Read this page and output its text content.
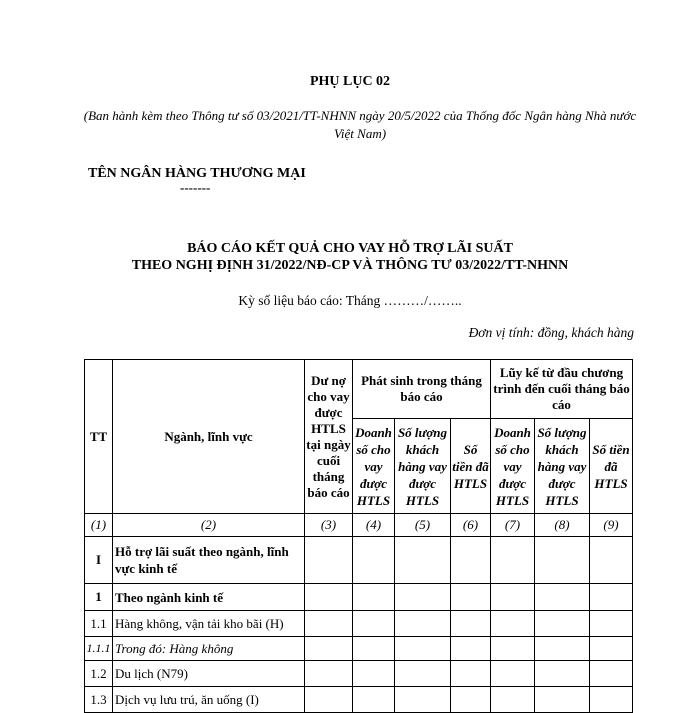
PHỤ LỤC 02
(Ban hành kèm theo Thông tư số 03/2021/TT-NHNN ngày 20/5/2022 của Thống đốc Ngân hàng Nhà nước Việt Nam)
TÊN NGÂN HÀNG THƯƠNG MẠI
-------
BÁO CÁO KẾT QUẢ CHO VAY HỖ TRỢ LÃI SUẤT
THEO NGHỊ ĐỊNH 31/2022/NĐ-CP VÀ THÔNG TƯ 03/2022/TT-NHNN
Kỳ số liệu báo cáo: Tháng ………/……..
Đơn vị tính: đồng, khách hàng
TT	Ngành, lĩnh vực	Dư nợ cho vay được HTLS tại ngày cuối tháng báo cáo	Phát sinh trong tháng báo cáo			Lũy kế từ đầu chương trình đến cuối tháng báo cáo		
			Doanh số cho vay được HTLS	Số lượng khách hàng vay được HTLS	Số tiền đã HTLS	Doanh số cho vay được HTLS	Số lượng khách hàng vay được HTLS	Số tiền đã HTLS
(1)	(2)	(3)	(4)	(5)	(6)	(7)	(8)	(9)
I	Hỗ trợ lãi suất theo ngành, lĩnh vực kinh tế							
1	Theo ngành kinh tế							
1.1	Hàng không, vận tải kho bãi (H)							
1.1.1	Trong đó: Hàng không							
1.2	Du lịch (N79)							
1.3	Dịch vụ lưu trú, ăn uống (I)							
